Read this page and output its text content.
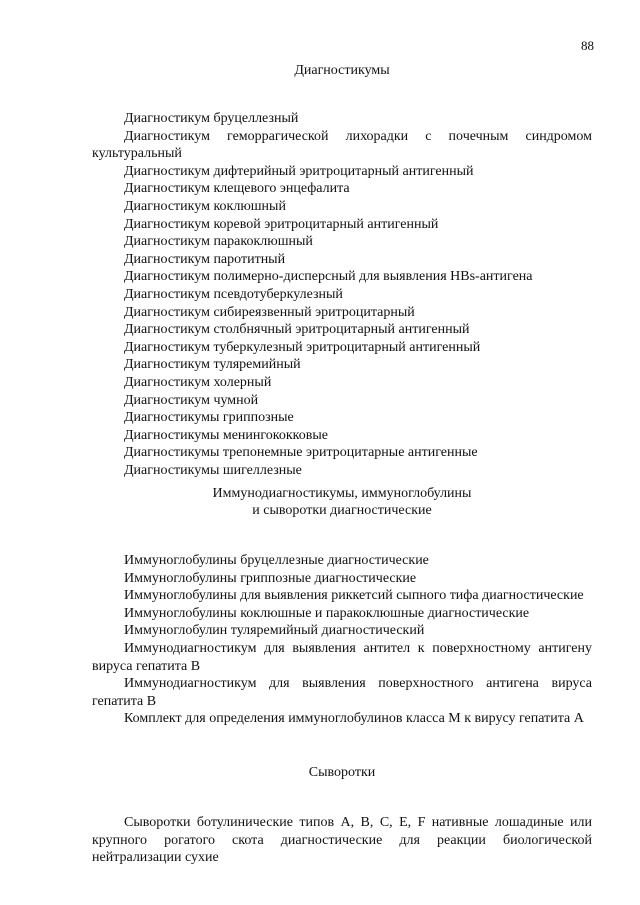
88
Диагностикумы
Диагностикум бруцеллезный
Диагностикум геморрагической лихорадки с почечным синдромом культуральный
Диагностикум дифтерийный эритроцитарный антигенный
Диагностикум клещевого энцефалита
Диагностикум коклюшный
Диагностикум коревой эритроцитарный антигенный
Диагностикум паракоклюшный
Диагностикум паротитный
Диагностикум полимерно-дисперсный для выявления HBs-антигена
Диагностикум псевдотуберкулезный
Диагностикум сибиреязвенный эритроцитарный
Диагностикум столбнячный эритроцитарный антигенный
Диагностикум туберкулезный эритроцитарный антигенный
Диагностикум туляремийный
Диагностикум холерный
Диагностикум чумной
Диагностикумы гриппозные
Диагностикумы менингококковые
Диагностикумы трепонемные эритроцитарные антигенные
Диагностикумы шигеллезные
Иммунодиагностикумы, иммуноглобулины
и сыворотки диагностические
Иммуноглобулины бруцеллезные диагностические
Иммуноглобулины гриппозные диагностические
Иммуноглобулины для выявления риккетсий сыпного тифа диагностические
Иммуноглобулины коклюшные и паракоклюшные диагностические
Иммуноглобулин туляремийный диагностический
Иммунодиагностикум для выявления антител к поверхностному антигену вируса гепатита B
Иммунодиагностикум для выявления поверхностного антигена вируса гепатита B
Комплект для определения иммуноглобулинов класса M к вирусу гепатита A
Сыворотки
Сыворотки ботулинические типов A, B, C, E, F нативные лошадиные или крупного рогатого скота диагностические для реакции биологической нейтрализации сухие
